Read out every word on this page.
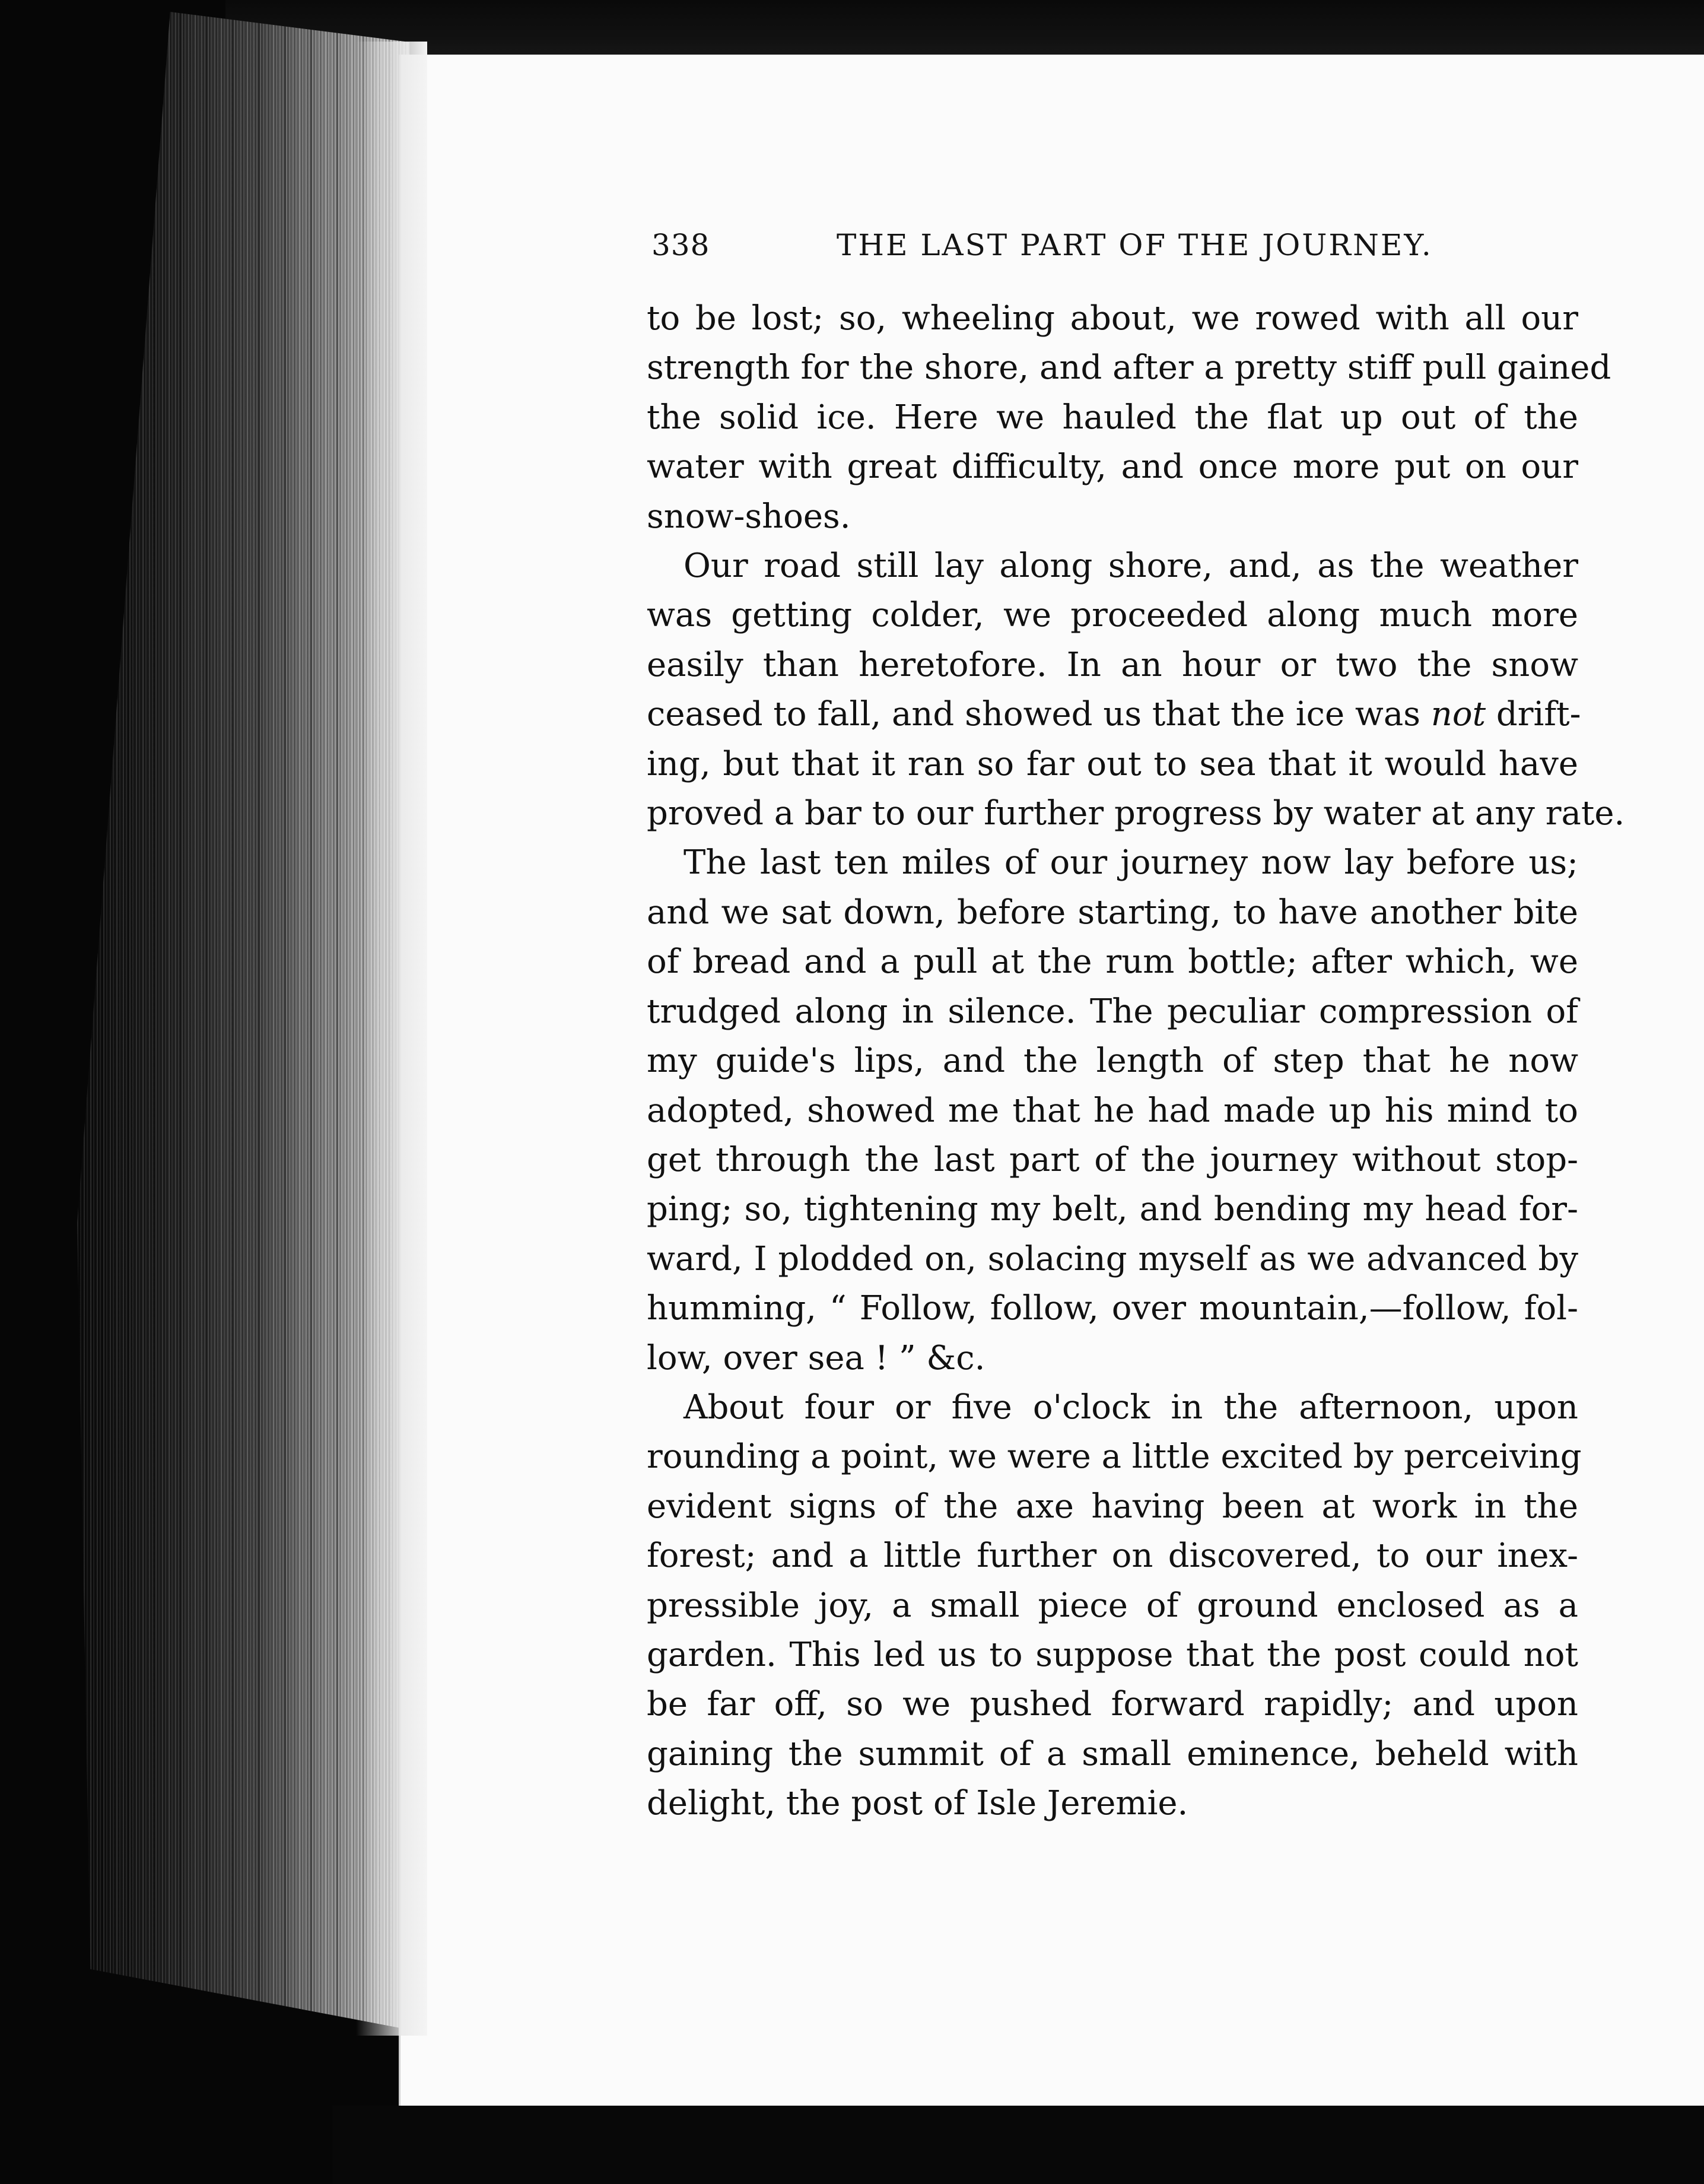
338	THE LAST PART OF THE JOURNEY.
to be lost; so, wheeling about, we rowed with all our
strength for the shore, and after a pretty stiff pull gained
the solid ice. Here we hauled the flat up out of the
water with great difficulty, and once more put on our
snow-shoes.
Our road still lay along shore, and, as the weather
was getting colder, we proceeded along much more
easily than heretofore. In an hour or two the snow
ceased to fall, and showed us that the ice was not drift-
ing, but that it ran so far out to sea that it would have
proved a bar to our further progress by water at any rate.
The last ten miles of our journey now lay before us;
and we sat down, before starting, to have another bite
of bread and a pull at the rum bottle; after which, we
trudged along in silence. The peculiar compression of
my guide's lips, and the length of step that he now
adopted, showed me that he had made up his mind to
get through the last part of the journey without stop-
ping; so, tightening my belt, and bending my head for-
ward, I plodded on, solacing myself as we advanced by
humming, “ Follow, follow, over mountain,—follow, fol-
low, over sea ! ” &c.
About four or five o'clock in the afternoon, upon
rounding a point, we were a little excited by perceiving
evident signs of the axe having been at work in the
forest; and a little further on discovered, to our inex-
pressible joy, a small piece of ground enclosed as a
garden. This led us to suppose that the post could not
be far off, so we pushed forward rapidly; and upon
gaining the summit of a small eminence, beheld with
delight, the post of Isle Jeremie.
